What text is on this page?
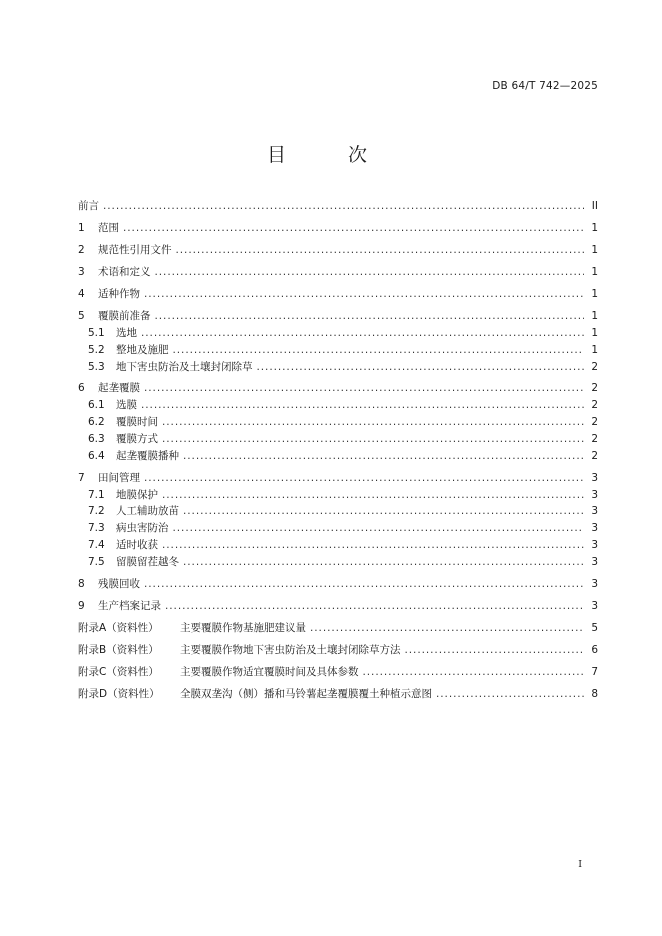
DB 64/T 742—2025
目 次
前言 . . .	II
1	范围 . . .	1
2	规范性引用文件 . . .	1
3	术语和定义 . . .	1
4	适种作物 . . .	1
5	覆膜前准备 . . .	1
5.1	选地 . . .	1
5.2	整地及施肥 . . .	1
5.3	地下害虫防治及土壤封闭除草 . . .	2
6	起垄覆膜 . . .	2
6.1	选膜 . . .	2
6.2	覆膜时间 . . .	2
6.3	覆膜方式 . . .	2
6.4	起垄覆膜播种 . . .	2
7	田间管理 . . .	3
7.1	地膜保护 . . .	3
7.2	人工辅助放苗 . . .	3
7.3	病虫害防治 . . .	3
7.4	适时收获 . . .	3
7.5	留膜留茬越冬 . . .	3
8	残膜回收 . . .	3
9	生产档案记录 . . .	3
附录A（资料性）	主要覆膜作物基施肥建议量 . . .	5
附录B（资料性）	主要覆膜作物地下害虫防治及土壤封闭除草方法 . . .	6
附录C（资料性）	主要覆膜作物适宜覆膜时间及具体参数 . . .	7
附录D（资料性）	全膜双垄沟（侧）播和马铃薯起垄覆膜覆土种植示意图 . . .	8
I
